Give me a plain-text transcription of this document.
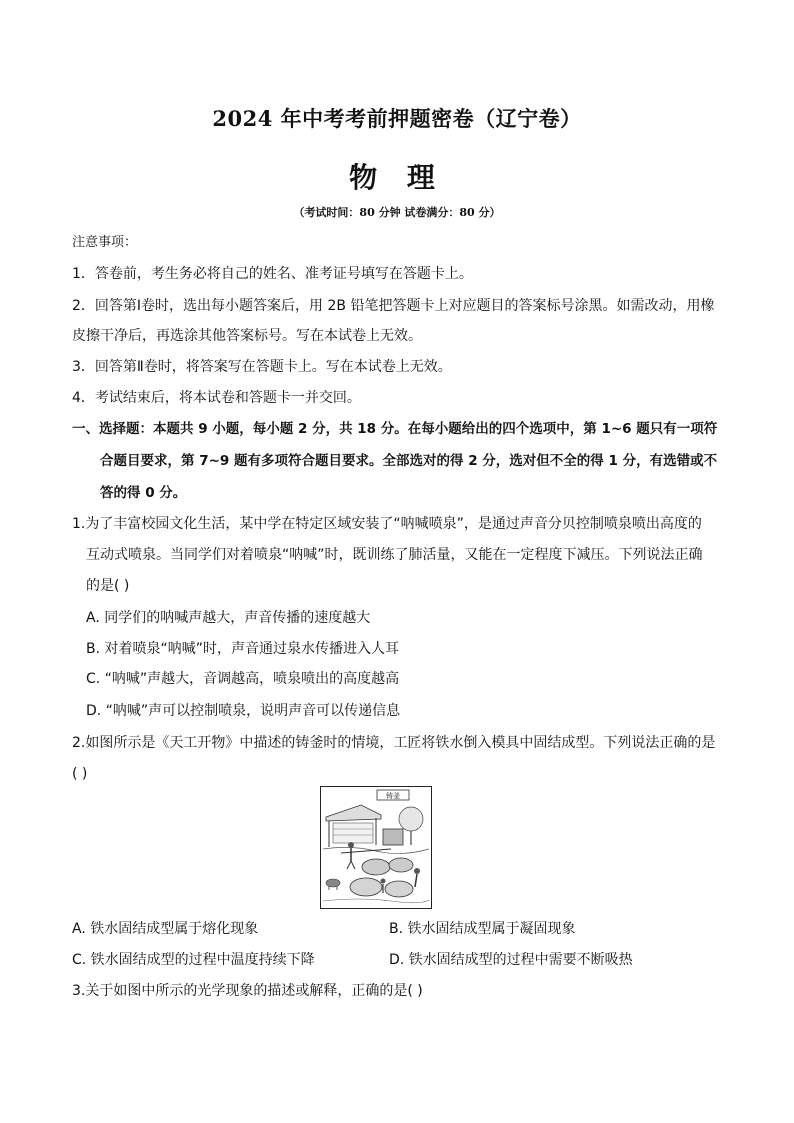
2024 年中考考前押题密卷（辽宁卷）
物 理
（考试时间：80 分钟 试卷满分：80 分）
注意事项：
1．答卷前，考生务必将自己的姓名、准考证号填写在答题卡上。
2．回答第Ⅰ卷时，选出每小题答案后，用 2B 铅笔把答题卡上对应题目的答案标号涂黑。如需改动，用橡
皮擦干净后，再选涂其他答案标号。写在本试卷上无效。
3．回答第Ⅱ卷时，将答案写在答题卡上。写在本试卷上无效。
4．考试结束后，将本试卷和答题卡一并交回。
一、选择题：本题共 9 小题，每小题 2 分，共 18 分。在每小题给出的四个选项中，第 1~6 题只有一项符
合题目要求，第 7~9 题有多项符合题目要求。全部选对的得 2 分，选对但不全的得 1 分，有选错或不
答的得 0 分。
1.为了丰富校园文化生活，某中学在特定区域安装了“呐喊喷泉”，是通过声音分贝控制喷泉喷出高度的
互动式喷泉。当同学们对着喷泉“呐喊”时，既训练了肺活量，又能在一定程度下减压。下列说法正确
的是( )
A. 同学们的呐喊声越大，声音传播的速度越大
B. 对着喷泉“呐喊”时，声音通过泉水传播进入人耳
C. “呐喊”声越大，音调越高，喷泉喷出的高度越高
D. “呐喊”声可以控制喷泉，说明声音可以传递信息
2.如图所示是《天工开物》中描述的铸釜时的情境，工匠将铁水倒入模具中固结成型。下列说法正确的是
( )
铸釜
A. 铁水固结成型属于熔化现象	B. 铁水固结成型属于凝固现象
C. 铁水固结成型的过程中温度持续下降	D. 铁水固结成型的过程中需要不断吸热
3.关于如图中所示的光学现象的描述或解释，正确的是( )
